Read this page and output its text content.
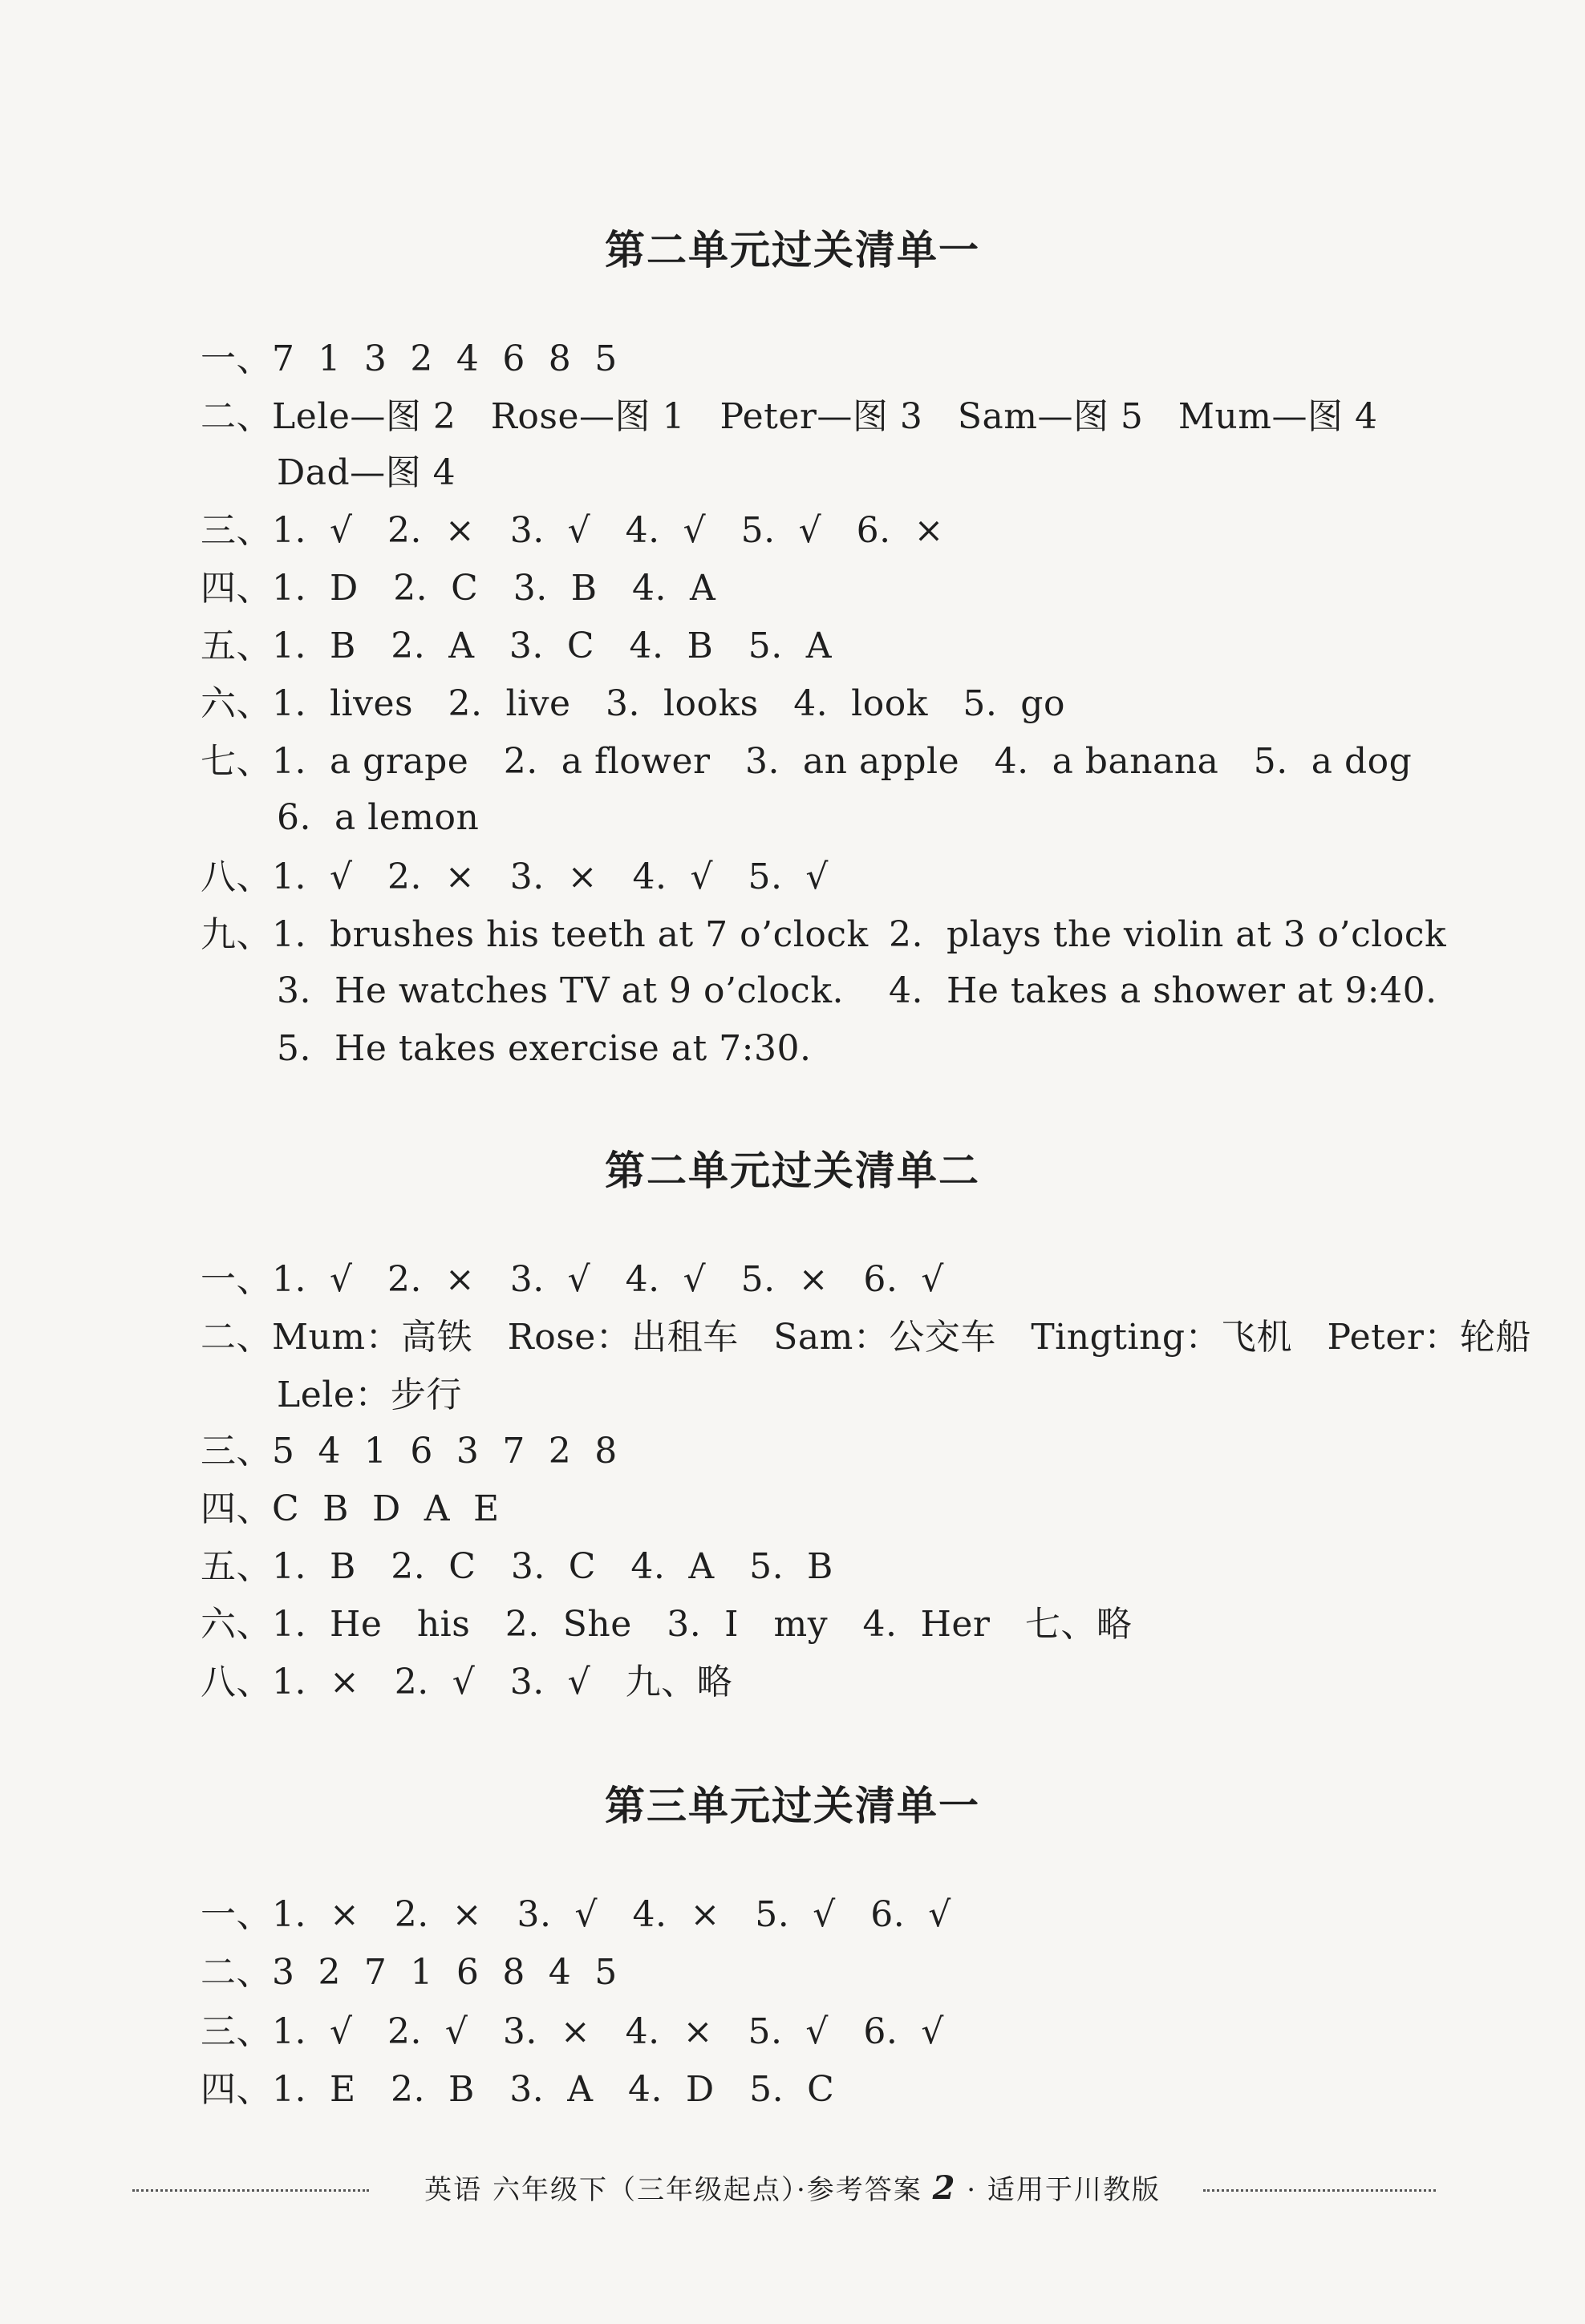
第二单元过关清单一
一、7  1  3  2  4  6  8  5
二、Lele—图 2   Rose—图 1   Peter—图 3   Sam—图 5   Mum—图 4
Dad—图 4
三、1.  √   2.  ×   3.  √   4.  √   5.  √   6.  ×
四、1.  D   2.  C   3.  B   4.  A
五、1.  B   2.  A   3.  C   4.  B   5.  A
六、1.  lives   2.  live   3.  looks   4.  look   5.  go
七、1.  a grape   2.  a flower   3.  an apple   4.  a banana   5.  a dog
6.  a lemon
八、1.  √   2.  ×   3.  ×   4.  √   5.  √
九、1.  brushes his teeth at 7 o’clock 2.  plays the violin at 3 o’clock
3.  He watches TV at 9 o’clock. 4.  He takes a shower at 9:40.
5.  He takes exercise at 7:30.
第二单元过关清单二
一、1.  √   2.  ×   3.  √   4.  √   5.  ×   6.  √
二、Mum：高铁   Rose：出租车   Sam：公交车   Tingting：飞机   Peter：轮船
Lele：步行
三、5  4  1  6  3  7  2  8
四、C  B  D  A  E
五、1.  B   2.  C   3.  C   4.  A   5.  B
六、1.  He   his   2.  She   3.  I   my   4.  Her   七、略
八、1.  ×   2.  √   3.  √   九、略
第三单元过关清单一
一、1.  ×   2.  ×   3.  √   4.  ×   5.  √   6.  √
二、3  2  7  1  6  8  4  5
三、1.  √   2.  √   3.  ×   4.  ×   5.  √   6.  √
四、1.  E   2.  B   3.  A   4.  D   5.  C
英语 六年级下（三年级起点）·参考答案 2 · 适用于川教版
